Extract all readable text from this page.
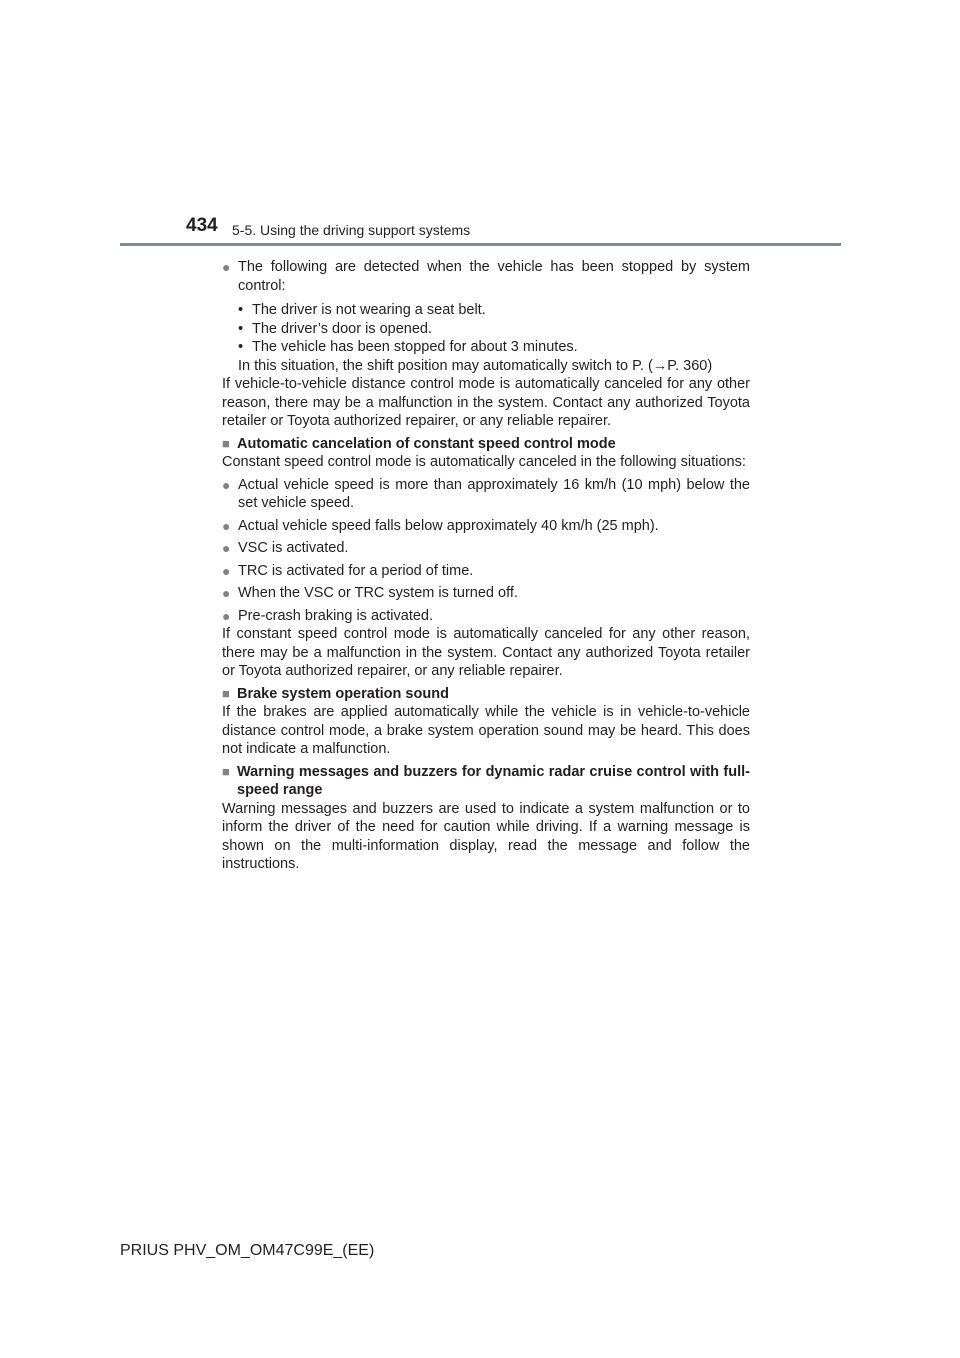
434 5-5. Using the driving support systems
● The following are detected when the vehicle has been stopped by system control:
• The driver is not wearing a seat belt.
• The driver’s door is opened.
• The vehicle has been stopped for about 3 minutes.
In this situation, the shift position may automatically switch to P. (→P. 360)

If vehicle-to-vehicle distance control mode is automatically canceled for any other reason, there may be a malfunction in the system. Contact any authorized Toyota retailer or Toyota authorized repairer, or any reliable repairer.

■ Automatic cancelation of constant speed control mode

Constant speed control mode is automatically canceled in the following situations:

● Actual vehicle speed is more than approximately 16 km/h (10 mph) below the set vehicle speed.
● Actual vehicle speed falls below approximately 40 km/h (25 mph).
● VSC is activated.
● TRC is activated for a period of time.
● When the VSC or TRC system is turned off.
● Pre-crash braking is activated.

If constant speed control mode is automatically canceled for any other reason, there may be a malfunction in the system. Contact any authorized Toyota retailer or Toyota authorized repairer, or any reliable repairer.

■ Brake system operation sound

If the brakes are applied automatically while the vehicle is in vehicle-to-vehicle distance control mode, a brake system operation sound may be heard. This does not indicate a malfunction.

■ Warning messages and buzzers for dynamic radar cruise control with full-speed range

Warning messages and buzzers are used to indicate a system malfunction or to inform the driver of the need for caution while driving. If a warning message is shown on the multi-information display, read the message and follow the instructions.

PRIUS PHV_OM_OM47C99E_(EE)
